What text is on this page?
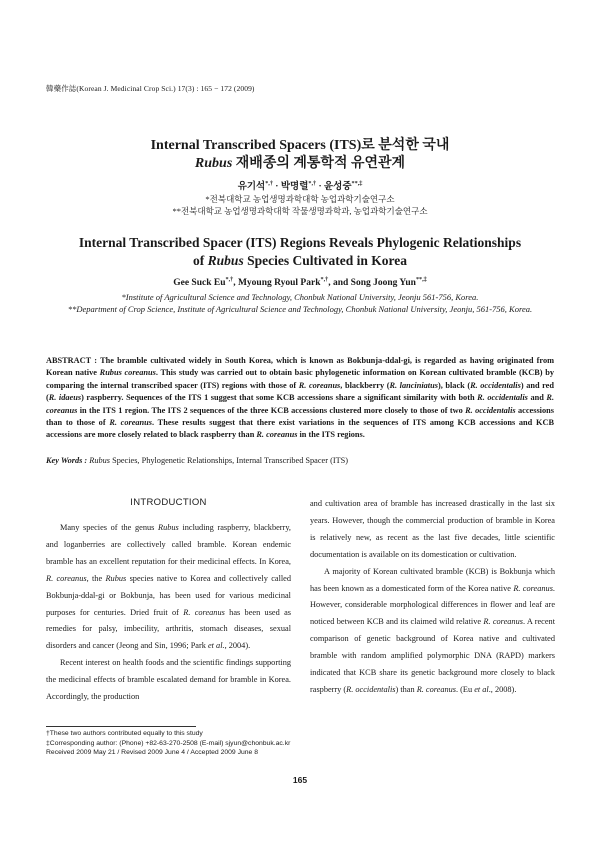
韓藥作誌(Korean J. Medicinal Crop Sci.) 17(3) : 165 − 172 (2009)
Internal Transcribed Spacers (ITS)로 분석한 국내
Rubus 재배종의 계통학적 유연관계
유기석*,† · 박명렬*,† · 윤성중**,‡
*전북대학교 농업생명과학대학 농업과학기술연구소
**전북대학교 농업생명과학대학 작물생명과학과, 농업과학기술연구소
Internal Transcribed Spacer (ITS) Regions Reveals Phylogenic Relationships
of Rubus Species Cultivated in Korea
Gee Suck Eu*,†, Myoung Ryoul Park*,†, and Song Joong Yun**,‡
*Institute of Agricultural Science and Technology, Chonbuk National University, Jeonju 561-756, Korea.
**Department of Crop Science, Institute of Agricultural Science and Technology, Chonbuk National University, Jeonju, 561-756, Korea.
ABSTRACT : The bramble cultivated widely in South Korea, which is known as Bokbunja-ddal-gi, is regarded as having originated from Korean native Rubus coreanus. This study was carried out to obtain basic phylogenetic information on Korean cultivated bramble (KCB) by comparing the internal transcribed spacer (ITS) regions with those of R. coreanus, blackberry (R. lanciniatus), black (R. occidentalis) and red (R. idaeus) raspberry. Sequences of the ITS 1 suggest that some KCB accessions share a significant similarity with both R. occidentalis and R. coreanus in the ITS 1 region. The ITS 2 sequences of the three KCB accessions clustered more closely to those of two R. occidentalis accessions than to those of R. coreanus. These results suggest that there exist variations in the sequences of ITS among KCB accessions and KCB accessions are more closely related to black raspberry than R. coreanus in the ITS regions.
Key Words : Rubus Species, Phylogenetic Relationships, Internal Transcribed Spacer (ITS)
INTRODUCTION

Many species of the genus Rubus including raspberry, blackberry, and loganberries are collectively called bramble. Korean endemic bramble has an excellent reputation for their medicinal effects. In Korea, R. coreanus, the Rubus species native to Korea and collectively called Bokbunja-ddal-gi or Bokbunja, has been used for various medicinal purposes for centuries. Dried fruit of R. coreanus has been used as remedies for palsy, imbecility, arthritis, stomach diseases, sexual disorders and cancer (Jeong and Sin, 1996; Park et al., 2004).

Recent interest on health foods and the scientific findings supporting the medicinal effects of bramble escalated demand for bramble in Korea. Accordingly, the production

and cultivation area of bramble has increased drastically in the last six years. However, though the commercial production of bramble in Korea is relatively new, as recent as the last five decades, little scientific documentation is available on its domestication or cultivation.

A majority of Korean cultivated bramble (KCB) is Bokbunja which has been known as a domesticated form of the Korea native R. coreanus. However, considerable morphological differences in flower and leaf are noticed between KCB and its claimed wild relative R. coreanus. A recent comparison of genetic background of Korea native and cultivated bramble with random amplified polymorphic DNA (RAPD) markers indicated that KCB share its genetic background more closely to black raspberry (R. occidentalis) than R. coreanus. (Eu et al., 2008).

†These two authors contributed equally to this study
‡Corresponding author: (Phone) +82-63-270-2508 (E-mail) sjyun@chonbuk.ac.kr
Received 2009 May 21 / Revised 2009 June 4 / Accepted 2009 June 8
165
